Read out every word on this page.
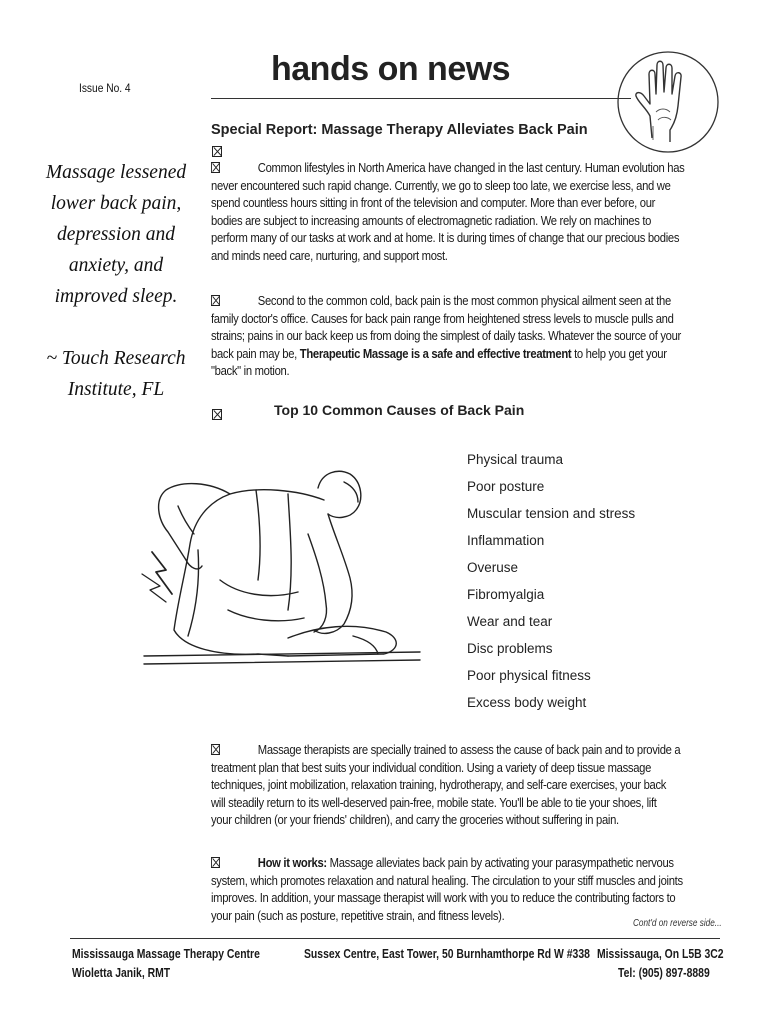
Issue No. 4	hands on news
Massage lessened
lower back pain,
depression and
anxiety, and
improved sleep.
~ Touch Research
Institute, FL
Special Report: Massage Therapy Alleviates Back Pain
Common lifestyles in North America have changed in the last century. Human evolution has
never encountered such rapid change. Currently, we go to sleep too late, we exercise less, and we
spend countless hours sitting in front of the television and computer. More than ever before, our
bodies are subject to increasing amounts of electromagnetic radiation. We rely on machines to
perform many of our tasks at work and at home. It is during times of change that our precious bodies
and minds need care, nurturing, and support most.
Second to the common cold, back pain is the most common physical ailment seen at the
family doctor's office. Causes for back pain range from heightened stress levels to muscle pulls and
strains; pains in our back keep us from doing the simplest of daily tasks. Whatever the source of your
back pain may be, Therapeutic Massage is a safe and effective treatment to help you get your
"back" in motion.
Top 10 Common Causes of Back Pain
Physical trauma
Poor posture
Muscular tension and stress
Inflammation
Overuse
Fibromyalgia
Wear and tear
Disc problems
Poor physical fitness
Excess body weight
Massage therapists are specially trained to assess the cause of back pain and to provide a
treatment plan that best suits your individual condition. Using a variety of deep tissue massage
techniques, joint mobilization, relaxation training, hydrotherapy, and self-care exercises, your back
will steadily return to its well-deserved pain-free, mobile state. You'll be able to tie your shoes, lift
your children (or your friends' children), and carry the groceries without suffering in pain.
How it works: Massage alleviates back pain by activating your parasympathetic nervous
system, which promotes relaxation and natural healing. The circulation to your stiff muscles and joints
improves. In addition, your massage therapist will work with you to reduce the contributing factors to
your pain (such as posture, repetitive strain, and fitness levels).
Cont'd on reverse side...
Mississauga Massage Therapy Centre
Wioletta Janik, RMT
Sussex Centre, East Tower, 50 Burnhamthorpe Rd W #338 Mississauga, On L5B 3C2
Tel: (905) 897-8889
